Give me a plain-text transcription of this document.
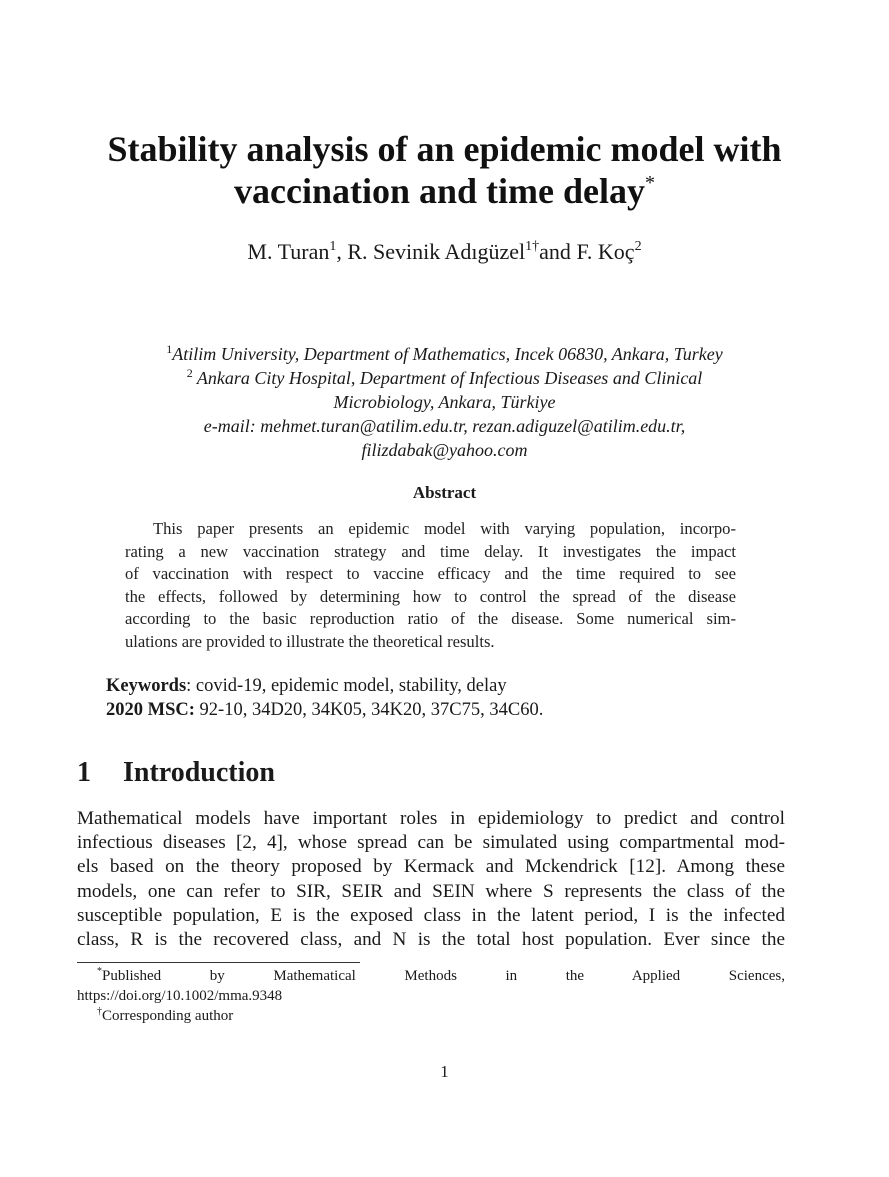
Stability analysis of an epidemic model with
vaccination and time delay*
M. Turan$^1$, R. Sevinik Adıgüzel$^{1\dagger}$and F. Koç$^2$
$^1$Atilim University, Department of Mathematics, Incek 06830, Ankara, Turkey
$^2$ Ankara City Hospital, Department of Infectious Diseases and Clinical
Microbiology, Ankara, Türkiye
e-mail: mehmet.turan@atilim.edu.tr, rezan.adiguzel@atilim.edu.tr,
filizdabak@yahoo.com
Abstract
This paper presents an epidemic model with varying population, incorpo-
rating a new vaccination strategy and time delay. It investigates the impact
of vaccination with respect to vaccine efficacy and the time required to see
the effects, followed by determining how to control the spread of the disease
according to the basic reproduction ratio of the disease. Some numerical sim-
ulations are provided to illustrate the theoretical results.
Keywords: covid-19, epidemic model, stability, delay
2020 MSC: 92-10, 34D20, 34K05, 34K20, 37C75, 34C60.
1 Introduction
Mathematical models have important roles in epidemiology to predict and control
infectious diseases [2, 4], whose spread can be simulated using compartmental mod-
els based on the theory proposed by Kermack and Mckendrick [12]. Among these
models, one can refer to SIR, SEIR and SEIN where S represents the class of the
susceptible population, E is the exposed class in the latent period, I is the infected
class, R is the recovered class, and N is the total host population. Ever since the
*Published by Mathematical Methods in the Applied Sciences,
https://doi.org/10.1002/mma.9348
†Corresponding author
1
